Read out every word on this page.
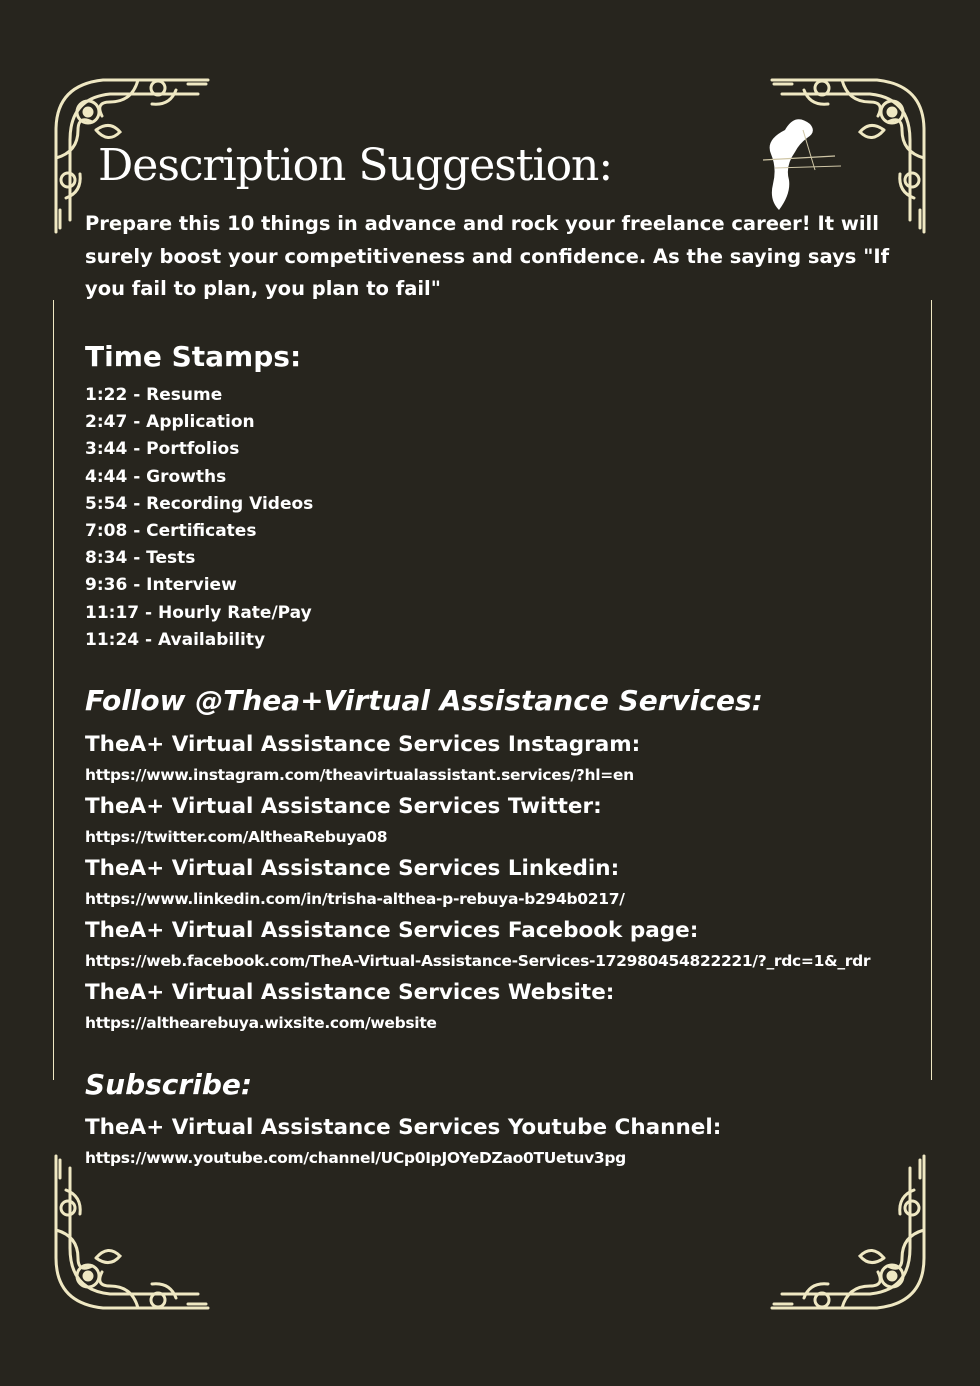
Description Suggestion:

Prepare this 10 things in advance and rock your freelance career! It will surely boost your competitiveness and confidence. As the saying says "If you fail to plan, you plan to fail"

Time Stamps:
1:22 - Resume
2:47 - Application
3:44 - Portfolios
4:44 - Growths
5:54 - Recording Videos
7:08 - Certificates
8:34 - Tests
9:36 - Interview
11:17 - Hourly Rate/Pay
11:24 - Availability
Follow @Thea+Virtual Assistance Services:
TheA+ Virtual Assistance Services Instagram:
https://www.instagram.com/theavirtualassistant.services/?hl=en
TheA+ Virtual Assistance Services Twitter:
https://twitter.com/AltheaRebuya08
TheA+ Virtual Assistance Services Linkedin:
https://www.linkedin.com/in/trisha-althea-p-rebuya-b294b0217/
TheA+ Virtual Assistance Services Facebook page:
https://web.facebook.com/TheA-Virtual-Assistance-Services-172980454822221/?_rdc=1&_rdr
TheA+ Virtual Assistance Services Website:
https://althearebuya.wixsite.com/website
Subscribe:
TheA+ Virtual Assistance Services Youtube Channel:
https://www.youtube.com/channel/UCp0IpJOYeDZao0TUetuv3pg
